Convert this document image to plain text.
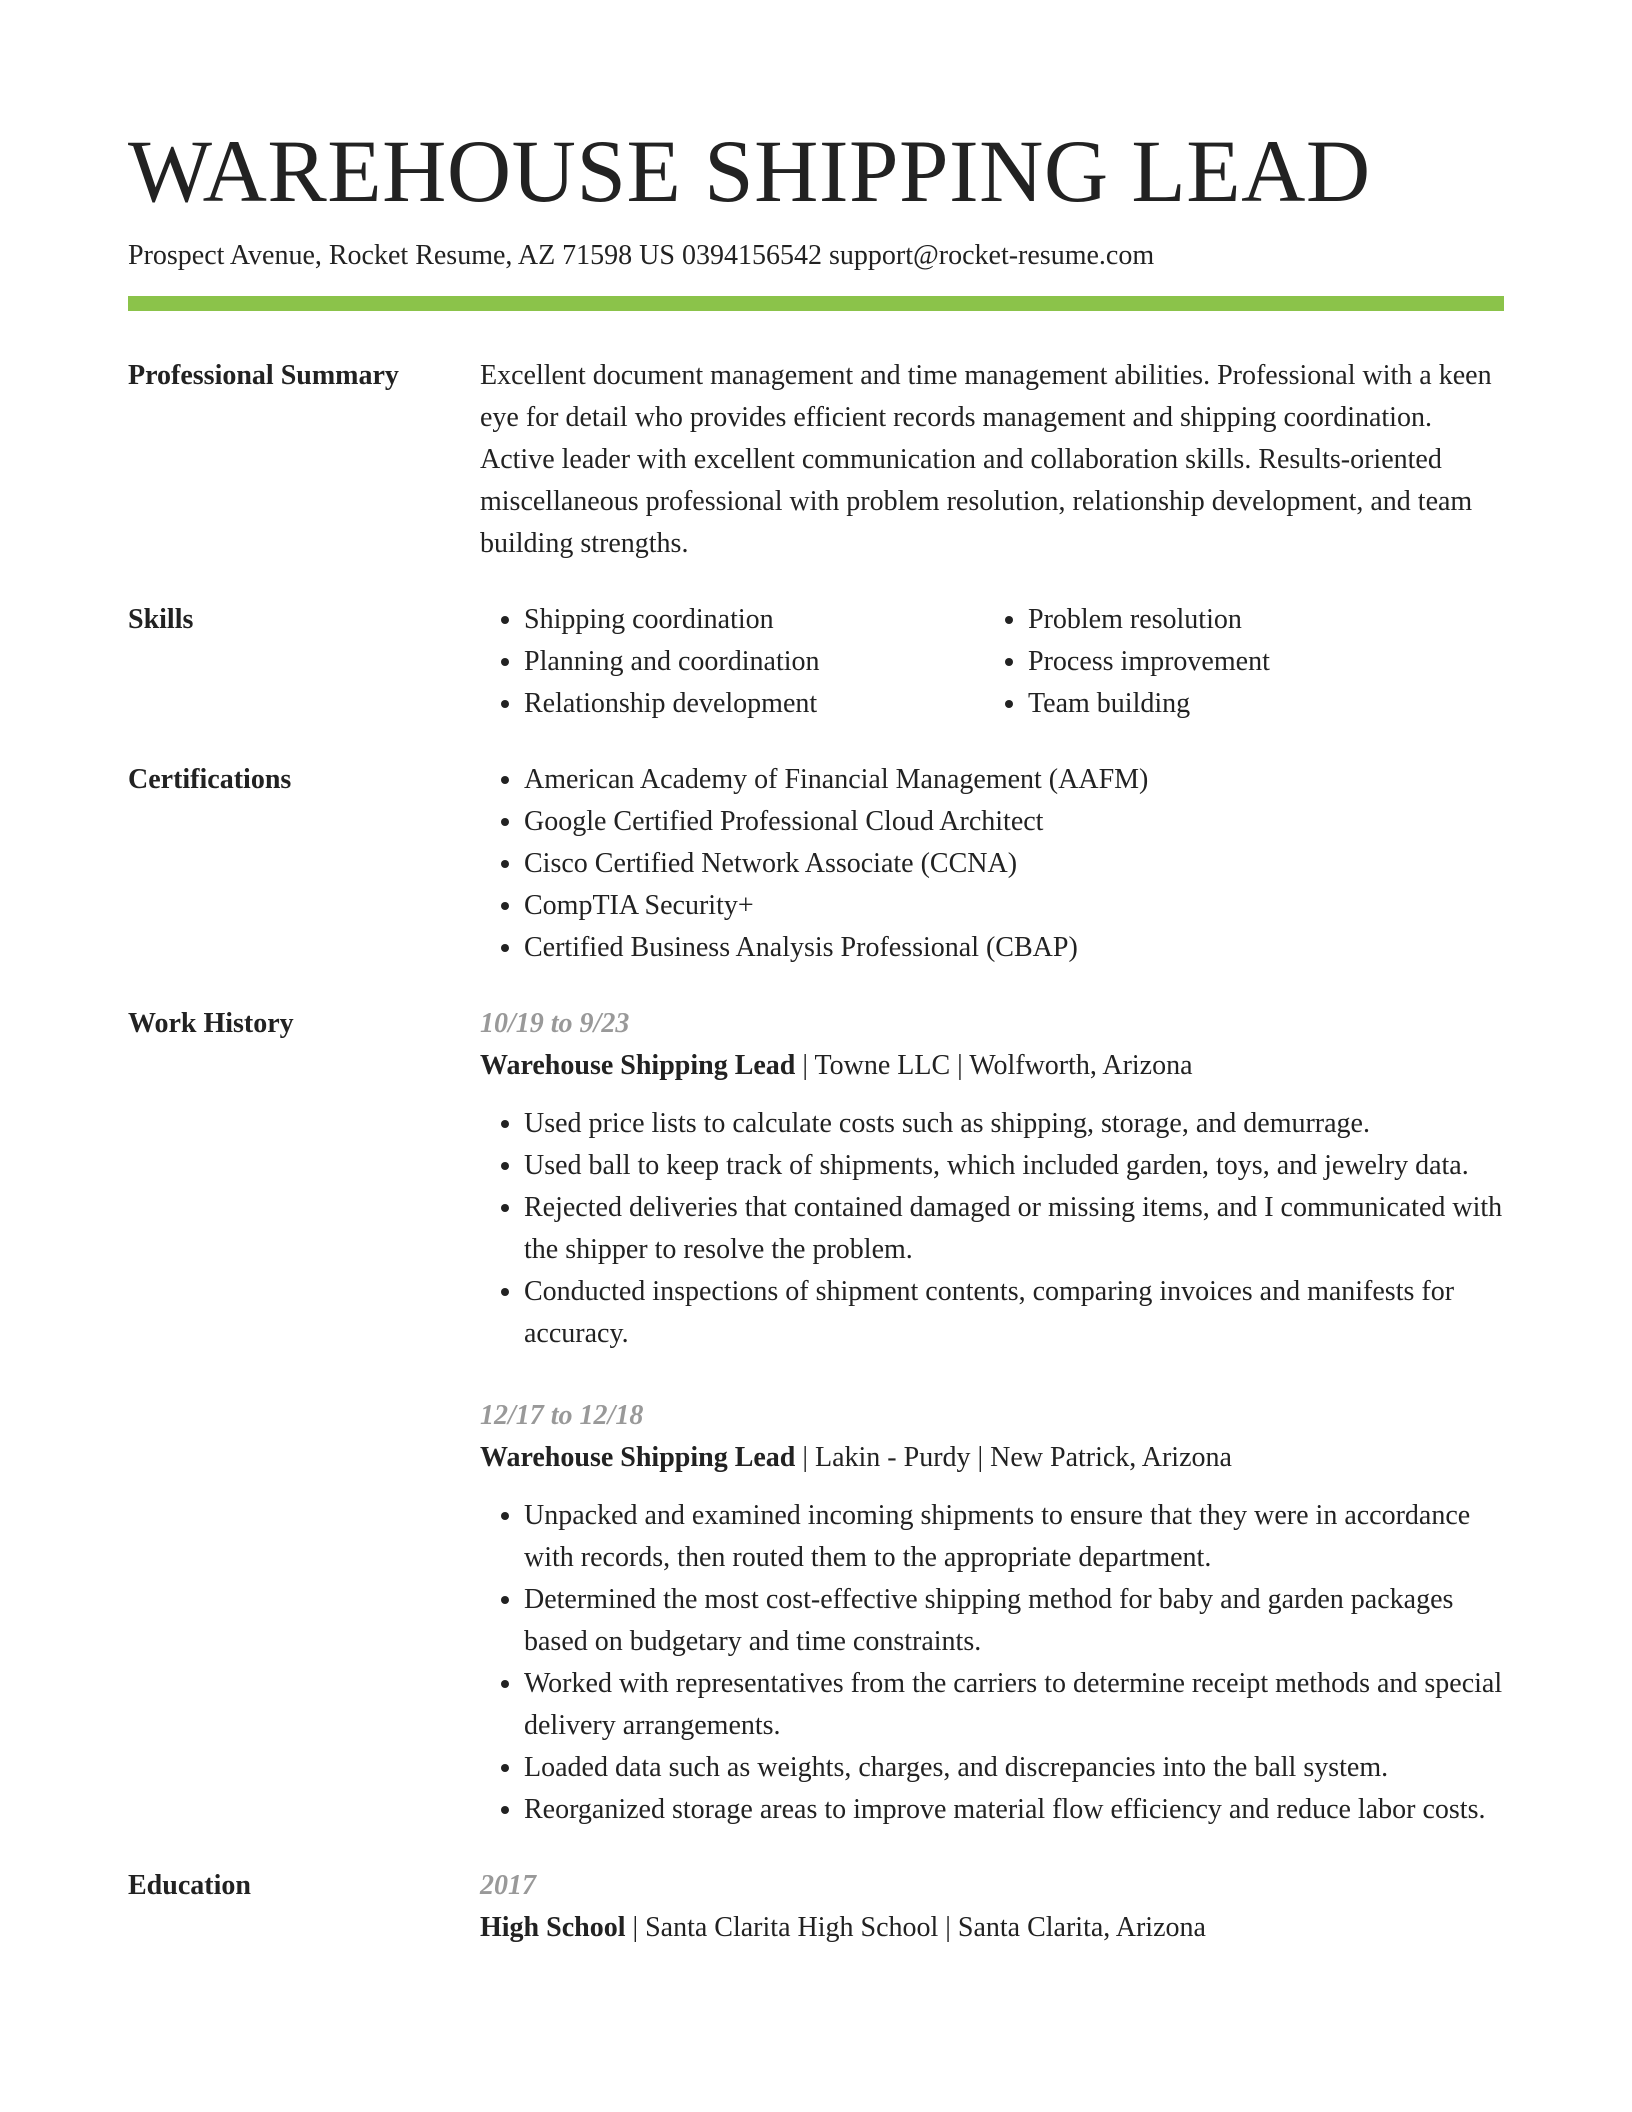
WAREHOUSE SHIPPING LEAD
Prospect Avenue, Rocket Resume, AZ 71598 US 0394156542 support@rocket-resume.com
Professional Summary	Excellent document management and time management abilities. Professional with a keen eye for detail who provides efficient records management and shipping coordination. Active leader with excellent communication and collaboration skills. Results-oriented miscellaneous professional with problem resolution, relationship development, and team building strengths.

Skills	• Shipping coordination
• Planning and coordination
• Relationship development
• Problem resolution
• Process improvement
• Team building
Certifications	• American Academy of Financial Management (AAFM)
• Google Certified Professional Cloud Architect
• Cisco Certified Network Associate (CCNA)
• CompTIA Security+
• Certified Business Analysis Professional (CBAP)
Work History	10/19 to 9/23
Warehouse Shipping Lead | Towne LLC | Wolfworth, Arizona
• Used price lists to calculate costs such as shipping, storage, and demurrage.
• Used ball to keep track of shipments, which included garden, toys, and jewelry data.
• Rejected deliveries that contained damaged or missing items, and I communicated with the shipper to resolve the problem.
• Conducted inspections of shipment contents, comparing invoices and manifests for accuracy.
12/17 to 12/18
Warehouse Shipping Lead | Lakin - Purdy | New Patrick, Arizona
• Unpacked and examined incoming shipments to ensure that they were in accordance with records, then routed them to the appropriate department.
• Determined the most cost-effective shipping method for baby and garden packages based on budgetary and time constraints.
• Worked with representatives from the carriers to determine receipt methods and special delivery arrangements.
• Loaded data such as weights, charges, and discrepancies into the ball system.
• Reorganized storage areas to improve material flow efficiency and reduce labor costs.
Education	2017
High School | Santa Clarita High School | Santa Clarita, Arizona
